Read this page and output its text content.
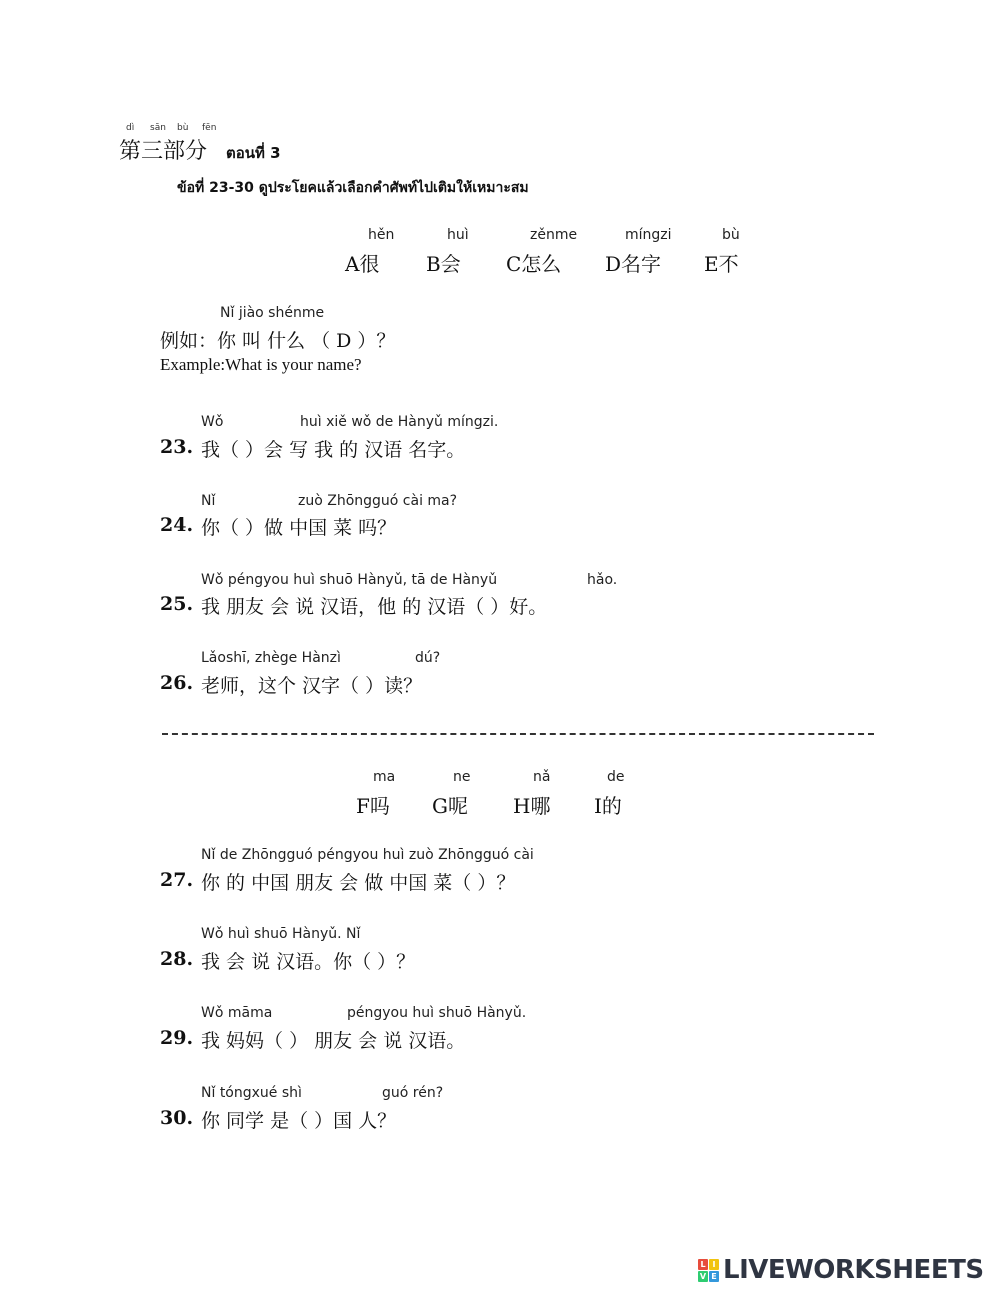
dì sān bù fēn
第三部分 ตอนที่ 3
ข้อที่ 23-30 ดูประโยคแล้วเลือกคำศัพท์ไปเติมให้เหมาะสม
hěn
A很
huì
B会
zěnme
C怎么
míngzi
D名字
bù
E不
Nǐ jiào shénme
例如：你 叫 什么 （ D ）？
Example:What is your name?
Wǒ	huì xiě wǒ de Hànyǔ míngzi.
23. 我（ ）会 写 我 的 汉语 名字。
Nǐ	zuò Zhōngguó cài ma?
24. 你（ ）做 中国 菜 吗？
Wǒ péngyou huì shuō Hànyǔ, tā de Hànyǔ	hǎo.
25. 我 朋友 会 说 汉语，他 的 汉语（ ）好。
Lǎoshī, zhège Hànzì	dú?
26. 老师，这个 汉字（ ）读？
ma
F吗
ne
G呢
nǎ
H哪
de
I的
Nǐ de Zhōngguó péngyou huì zuò Zhōngguó cài
27. 你 的 中国 朋友 会 做 中国 菜（ ）？
Wǒ huì shuō Hànyǔ. Nǐ
28. 我 会 说 汉语。你（ ）？
Wǒ māma	péngyou huì shuō Hànyǔ.
29. 我 妈妈（ ） 朋友 会 说 汉语。
Nǐ tóngxué shì	guó rén?
30. 你 同学 是（ ）国 人？
L I
V E LIVEWORKSHEETS
